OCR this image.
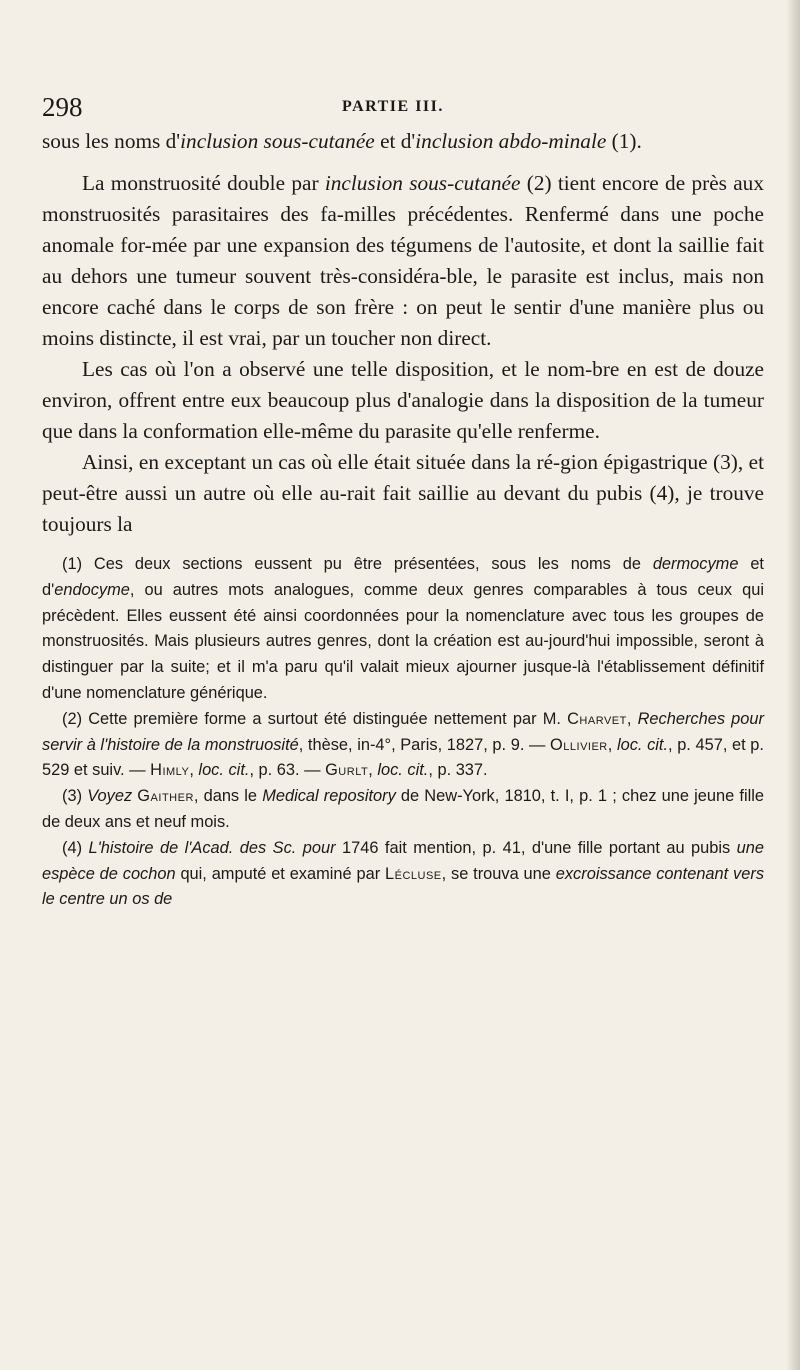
298	PARTIE III.

sous les noms d'inclusion sous-cutanée et d'inclusion abdo-minale (1).

La monstruosité double par inclusion sous-cutanée (2) tient encore de près aux monstruosités parasitaires des fa-milles précédentes. Renfermé dans une poche anomale for-mée par une expansion des tégumens de l'autosite, et dont la saillie fait au dehors une tumeur souvent très-considéra-ble, le parasite est inclus, mais non encore caché dans le corps de son frère : on peut le sentir d'une manière plus ou moins distincte, il est vrai, par un toucher non direct.

Les cas où l'on a observé une telle disposition, et le nom-bre en est de douze environ, offrent entre eux beaucoup plus d'analogie dans la disposition de la tumeur que dans la conformation elle-même du parasite qu'elle renferme.

Ainsi, en exceptant un cas où elle était située dans la ré-gion épigastrique (3), et peut-être aussi un autre où elle au-rait fait saillie au devant du pubis (4), je trouve toujours la

(1) Ces deux sections eussent pu être présentées, sous les noms de dermocyme et d'endocyme, ou autres mots analogues, comme deux genres comparables à tous ceux qui précèdent. Elles eussent été ainsi coordonnées pour la nomenclature avec tous les groupes de monstruosités. Mais plusieurs autres genres, dont la création est au-jourd'hui impossible, seront à distinguer par la suite; et il m'a paru qu'il valait mieux ajourner jusque-là l'établissement définitif d'une nomenclature générique.

(2) Cette première forme a surtout été distinguée nettement par M. Charvet, Recherches pour servir à l'histoire de la monstruosité, thèse, in-4°, Paris, 1827, p. 9. — Ollivier, loc. cit., p. 457, et p. 529 et suiv. — Himly, loc. cit., p. 63. — Gurlt, loc. cit., p. 337.

(3) Voyez Gaither, dans le Medical repository de New-York, 1810, t. I, p. 1 ; chez une jeune fille de deux ans et neuf mois.

(4) L'histoire de l'Acad. des Sc. pour 1746 fait mention, p. 41, d'une fille portant au pubis une espèce de cochon qui, amputé et examiné par Lécluse, se trouva une excroissance contenant vers le centre un os de
